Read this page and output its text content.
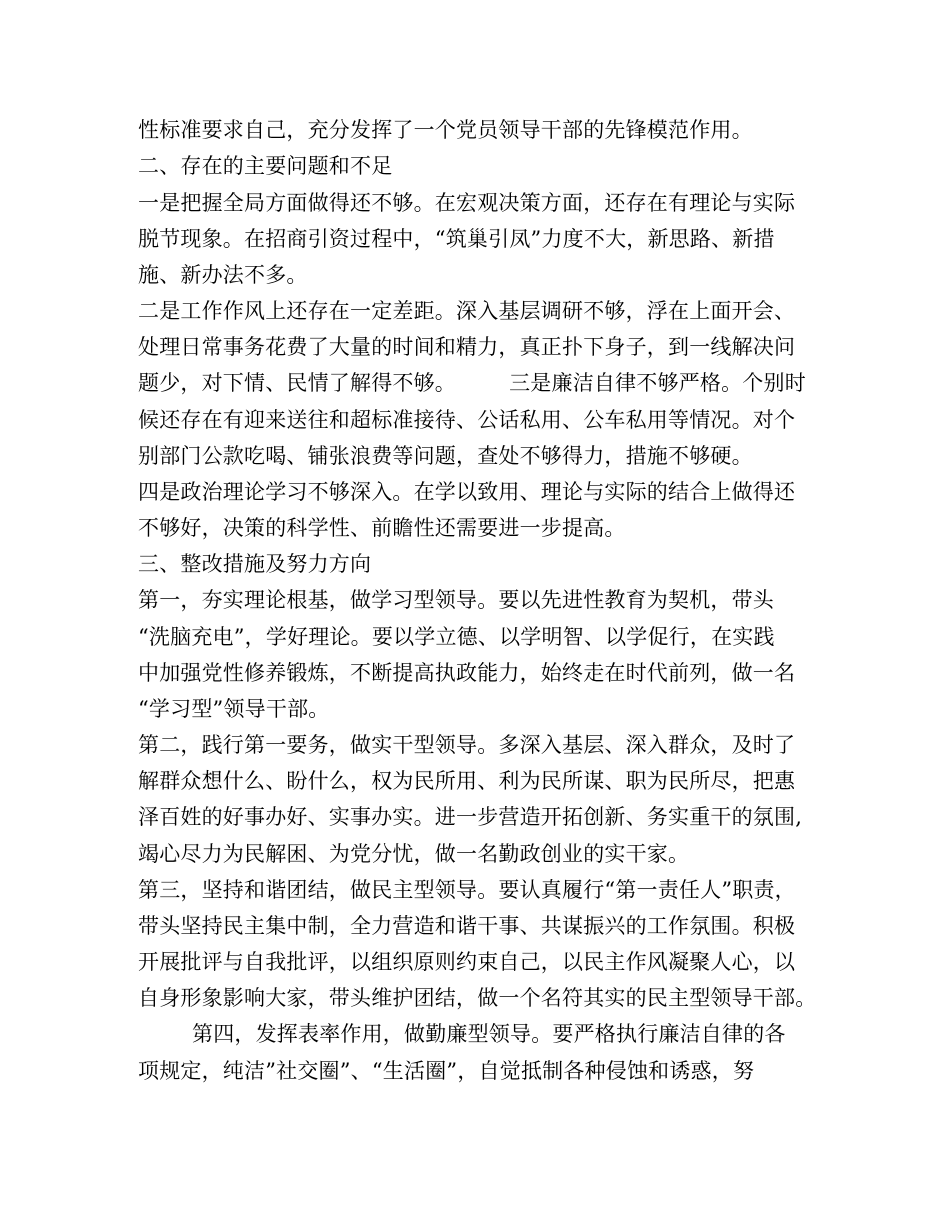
性标准要求自己，充分发挥了一个党员领导干部的先锋模范作用。
二、存在的主要问题和不足
一是把握全局方面做得还不够。在宏观决策方面，还存在有理论与实际
脱节现象。在招商引资过程中，“筑巢引凤”力度不大，新思路、新措
施、新办法不多。
二是工作作风上还存在一定差距。深入基层调研不够，浮在上面开会、
处理日常事务花费了大量的时间和精力，真正扑下身子，到一线解决问
题少，对下情、民情了解得不够。　　　三是廉洁自律不够严格。个别时
候还存在有迎来送往和超标准接待、公话私用、公车私用等情况。对个
别部门公款吃喝、铺张浪费等问题，查处不够得力，措施不够硬。
四是政治理论学习不够深入。在学以致用、理论与实际的结合上做得还
不够好，决策的科学性、前瞻性还需要进一步提高。
三、整改措施及努力方向
第一，夯实理论根基，做学习型领导。要以先进性教育为契机，带头
“洗脑充电”，学好理论。要以学立德、以学明智、以学促行，在实践
中加强党性修养锻炼，不断提高执政能力，始终走在时代前列，做一名
“学习型”领导干部。
第二，践行第一要务，做实干型领导。多深入基层、深入群众，及时了
解群众想什么、盼什么，权为民所用、利为民所谋、职为民所尽，把惠
泽百姓的好事办好、实事办实。进一步营造开拓创新、务实重干的氛围,
竭心尽力为民解困、为党分忧，做一名勤政创业的实干家。
第三，坚持和谐团结，做民主型领导。要认真履行“第一责任人”职责，
带头坚持民主集中制，全力营造和谐干事、共谋振兴的工作氛围。积极
开展批评与自我批评，以组织原则约束自己，以民主作风凝聚人心，以
自身形象影响大家，带头维护团结，做一个名符其实的民主型领导干部。
第四，发挥表率作用，做勤廉型领导。要严格执行廉洁自律的各
项规定，纯洁”社交圈”、“生活圈”，自觉抵制各种侵蚀和诱惑，努
